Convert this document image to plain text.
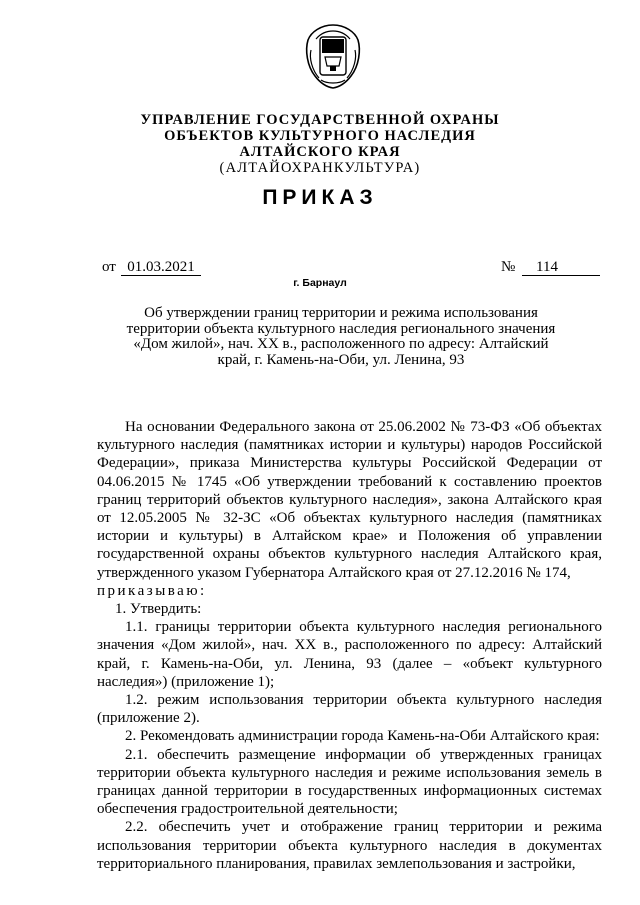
УПРАВЛЕНИЕ ГОСУДАРСТВЕННОЙ ОХРАНЫ
ОБЪЕКТОВ КУЛЬТУРНОГО НАСЛЕДИЯ
АЛТАЙСКОГО КРАЯ
(АЛТАЙОХРАНКУЛЬТУРА)
ПРИКАЗ
от 01.03.2021	№	114
г. Барнаул
Об утверждении границ территории и режима использования территории объекта культурного наследия регионального значения «Дом жилой», нач. XX в., расположенного по адресу: Алтайский край, г. Камень-на-Оби, ул. Ленина, 93

На основании Федерального закона от 25.06.2002 № 73-ФЗ «Об объектах культурного наследия (памятниках истории и культуры) народов Российской Федерации», приказа Министерства культуры Российской Федерации от 04.06.2015 № 1745 «Об утверждении требований к составлению проектов границ территорий объектов культурного наследия», закона Алтайского края от 12.05.2005 № 32-ЗС «Об объектах культурного наследия (памятниках истории и культуры) в Алтайском крае» и Положения об управлении государственной охраны объектов культурного наследия Алтайского края, утвержденного указом Губернатора Алтайского края от 27.12.2016 № 174,

приказываю:

1. Утвердить:

1.1. границы территории объекта культурного наследия регионального значения «Дом жилой», нач. XX в., расположенного по адресу: Алтайский край, г. Камень-на-Оби, ул. Ленина, 93 (далее – «объект культурного наследия») (приложение 1);

1.2. режим использования территории объекта культурного наследия (приложение 2).

2. Рекомендовать администрации города Камень-на-Оби Алтайского края:

2.1. обеспечить размещение информации об утвержденных границах территории объекта культурного наследия и режиме использования земель в границах данной территории в государственных информационных системах обеспечения градостроительной деятельности;

2.2. обеспечить учет и отображение границ территории и режима использования территории объекта культурного наследия в документах территориального планирования, правилах землепользования и застройки,
